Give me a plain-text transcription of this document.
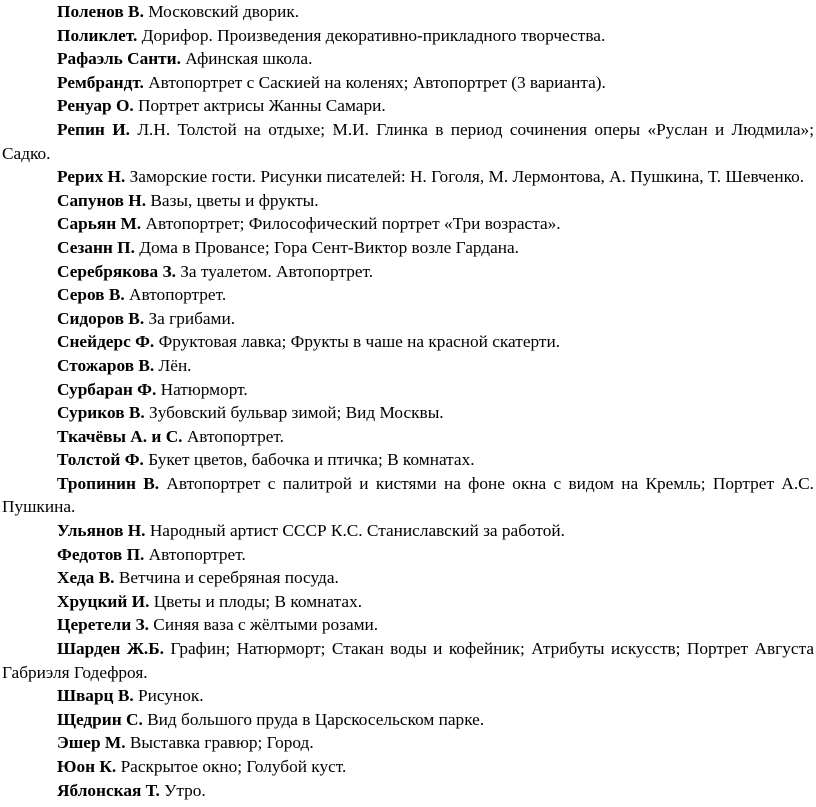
Поленов В. Московский дворик.

Поликлет. Дорифор. Произведения декоративно-прикладного творчества.

Рафаэль Санти. Афинская школа.

Рембрандт. Автопортрет с Саскией на коленях; Автопортрет (3 варианта).

Ренуар О. Портрет актрисы Жанны Самари.

Репин И. Л.Н. Толстой на отдыхе; М.И. Глинка в период сочинения оперы «Руслан и Людмила»; Садко.

Рерих Н. Заморские гости. Рисунки писателей: Н. Гоголя, М. Лермонтова, А. Пушкина, Т. Шевченко.

Сапунов Н. Вазы, цветы и фрукты.

Сарьян М. Автопортрет; Философический портрет «Три возраста».

Сезанн П. Дома в Провансе; Гора Сент-Виктор возле Гардана.

Серебрякова З. За туалетом. Автопортрет.

Серов В. Автопортрет.

Сидоров В. За грибами.

Снейдерс Ф. Фруктовая лавка; Фрукты в чаше на красной скатерти.

Стожаров В. Лён.

Сурбаран Ф. Натюрморт.

Суриков В. Зубовский бульвар зимой; Вид Москвы.

Ткачёвы А. и С. Автопортрет.

Толстой Ф. Букет цветов, бабочка и птичка; В комнатах.

Тропинин В. Автопортрет с палитрой и кистями на фоне окна с видом на Кремль; Портрет А.С. Пушкина.

Ульянов Н. Народный артист СССР К.С. Станиславский за работой.

Федотов П. Автопортрет.

Хеда В. Ветчина и серебряная посуда.

Хруцкий И. Цветы и плоды; В комнатах.

Церетели З. Синяя ваза с жёлтыми розами.

Шарден Ж.Б. Графин; Натюрморт; Стакан воды и кофейник; Атрибуты искусств; Портрет Августа Габриэля Годефроя.

Шварц В. Рисунок.

Щедрин С. Вид большого пруда в Царскосельском парке.

Эшер М. Выставка гравюр; Город.

Юон К. Раскрытое окно; Голубой куст.

Яблонская Т. Утро.
